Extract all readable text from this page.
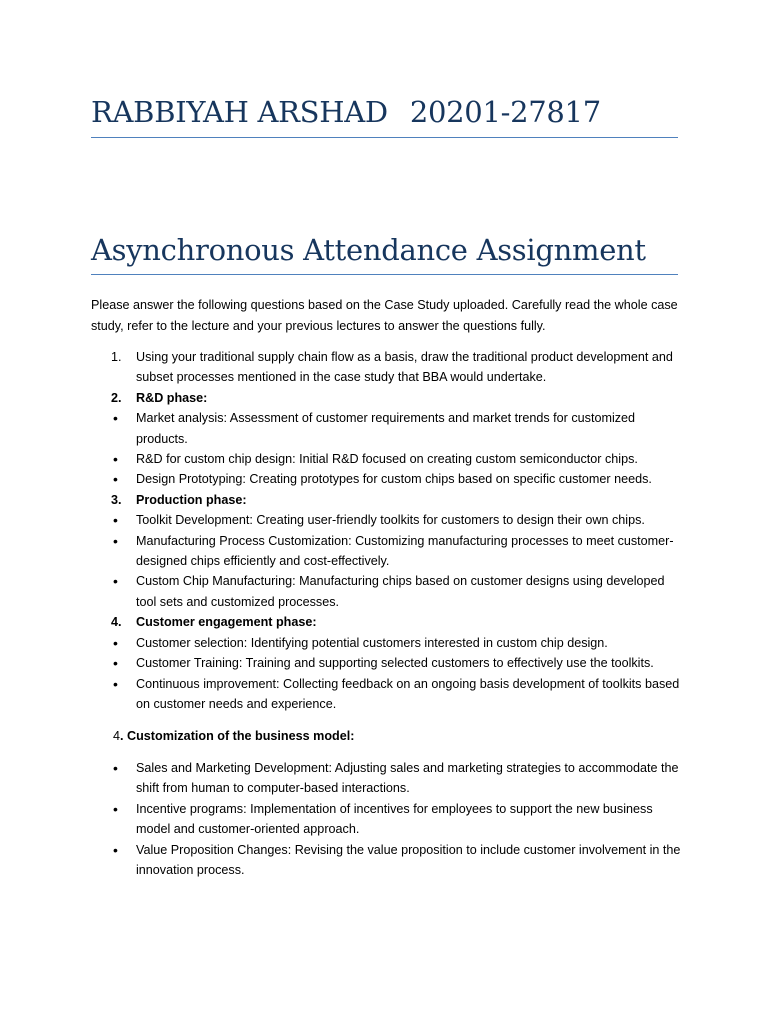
RABBIYAH ARSHAD 20201-27817
Asynchronous Attendance Assignment

Please answer the following questions based on the Case Study uploaded. Carefully read the whole case study, refer to the lecture and your previous lectures to answer the questions fully.

1. Using your traditional supply chain flow as a basis, draw the traditional product development and subset processes mentioned in the case study that BBA would undertake.
2. R&D phase:
• Market analysis: Assessment of customer requirements and market trends for customized products.
• R&D for custom chip design: Initial R&D focused on creating custom semiconductor chips.
• Design Prototyping: Creating prototypes for custom chips based on specific customer needs.
3. Production phase:
• Toolkit Development: Creating user-friendly toolkits for customers to design their own chips.
• Manufacturing Process Customization: Customizing manufacturing processes to meet customer-designed chips efficiently and cost-effectively.
• Custom Chip Manufacturing: Manufacturing chips based on customer designs using developed tool sets and customized processes.
4. Customer engagement phase:
• Customer selection: Identifying potential customers interested in custom chip design.
• Customer Training: Training and supporting selected customers to effectively use the toolkits.
• Continuous improvement: Collecting feedback on an ongoing basis development of toolkits based on customer needs and experience.

4. Customization of the business model:

• Sales and Marketing Development: Adjusting sales and marketing strategies to accommodate the shift from human to computer-based interactions.
• Incentive programs: Implementation of incentives for employees to support the new business model and customer-oriented approach.
• Value Proposition Changes: Revising the value proposition to include customer involvement in the innovation process.
